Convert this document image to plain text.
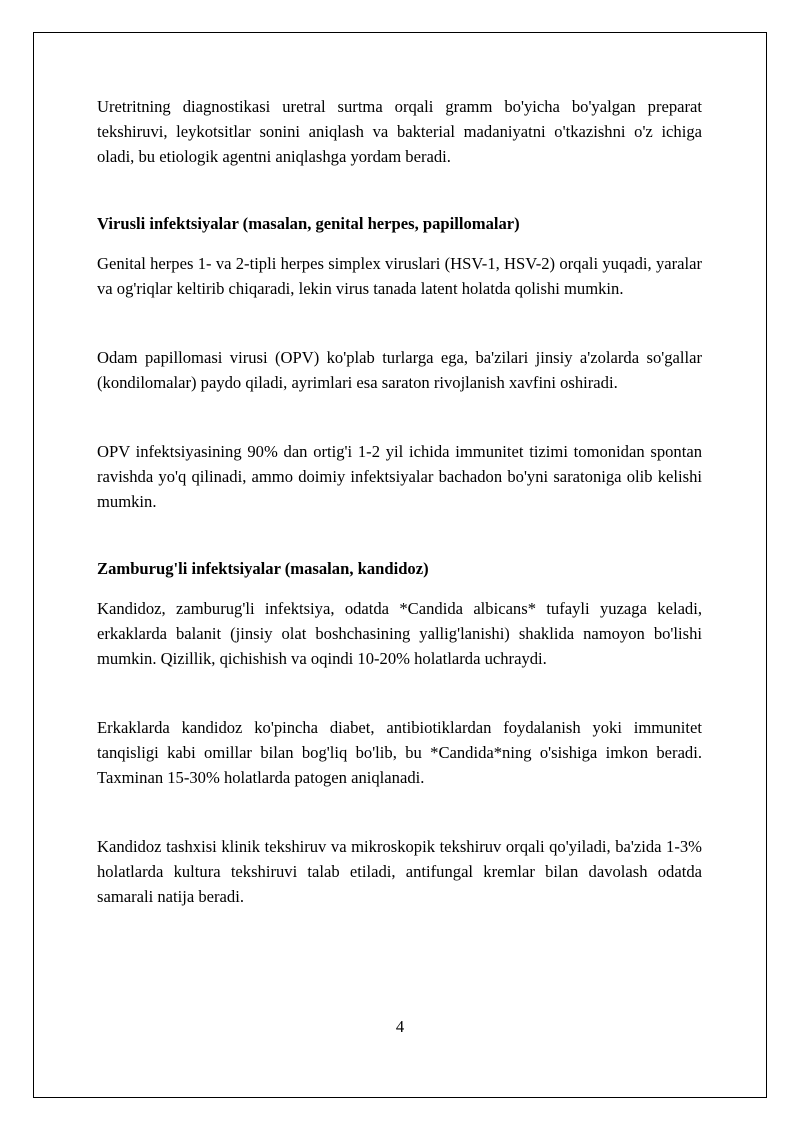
Uretritning diagnostikasi uretral surtma orqali gramm bo'yicha bo'yalgan preparat tekshiruvi, leykotsitlar sonini aniqlash va bakterial madaniyatni o'tkazishni o'z ichiga oladi, bu etiologik agentni aniqlashga yordam beradi.

Virusli infektsiyalar (masalan, genital herpes, papillomalar)

Genital herpes 1- va 2-tipli herpes simplex viruslari (HSV-1, HSV-2) orqali yuqadi, yaralar va og'riqlar keltirib chiqaradi, lekin virus tanada latent holatda qolishi mumkin.

Odam papillomasi virusi (OPV) ko'plab turlarga ega, ba'zilari jinsiy a'zolarda so'gallar (kondilomalar) paydo qiladi, ayrimlari esa saraton rivojlanish xavfini oshiradi.

OPV infektsiyasining 90% dan ortig'i 1-2 yil ichida immunitet tizimi tomonidan spontan ravishda yo'q qilinadi, ammo doimiy infektsiyalar bachadon bo'yni saratoniga olib kelishi mumkin.

Zamburug'li infektsiyalar (masalan, kandidoz)

Kandidoz, zamburug'li infektsiya, odatda *Candida albicans* tufayli yuzaga keladi, erkaklarda balanit (jinsiy olat boshchasining yallig'lanishi) shaklida namoyon bo'lishi mumkin. Qizillik, qichishish va oqindi 10-20% holatlarda uchraydi.

Erkaklarda kandidoz ko'pincha diabet, antibiotiklardan foydalanish yoki immunitet tanqisligi kabi omillar bilan bog'liq bo'lib, bu *Candida*ning o'sishiga imkon beradi. Taxminan 15-30% holatlarda patogen aniqlanadi.

Kandidoz tashxisi klinik tekshiruv va mikroskopik tekshiruv orqali qo'yiladi, ba'zida 1-3% holatlarda kultura tekshiruvi talab etiladi, antifungal kremlar bilan davolash odatda samarali natija beradi.

4
